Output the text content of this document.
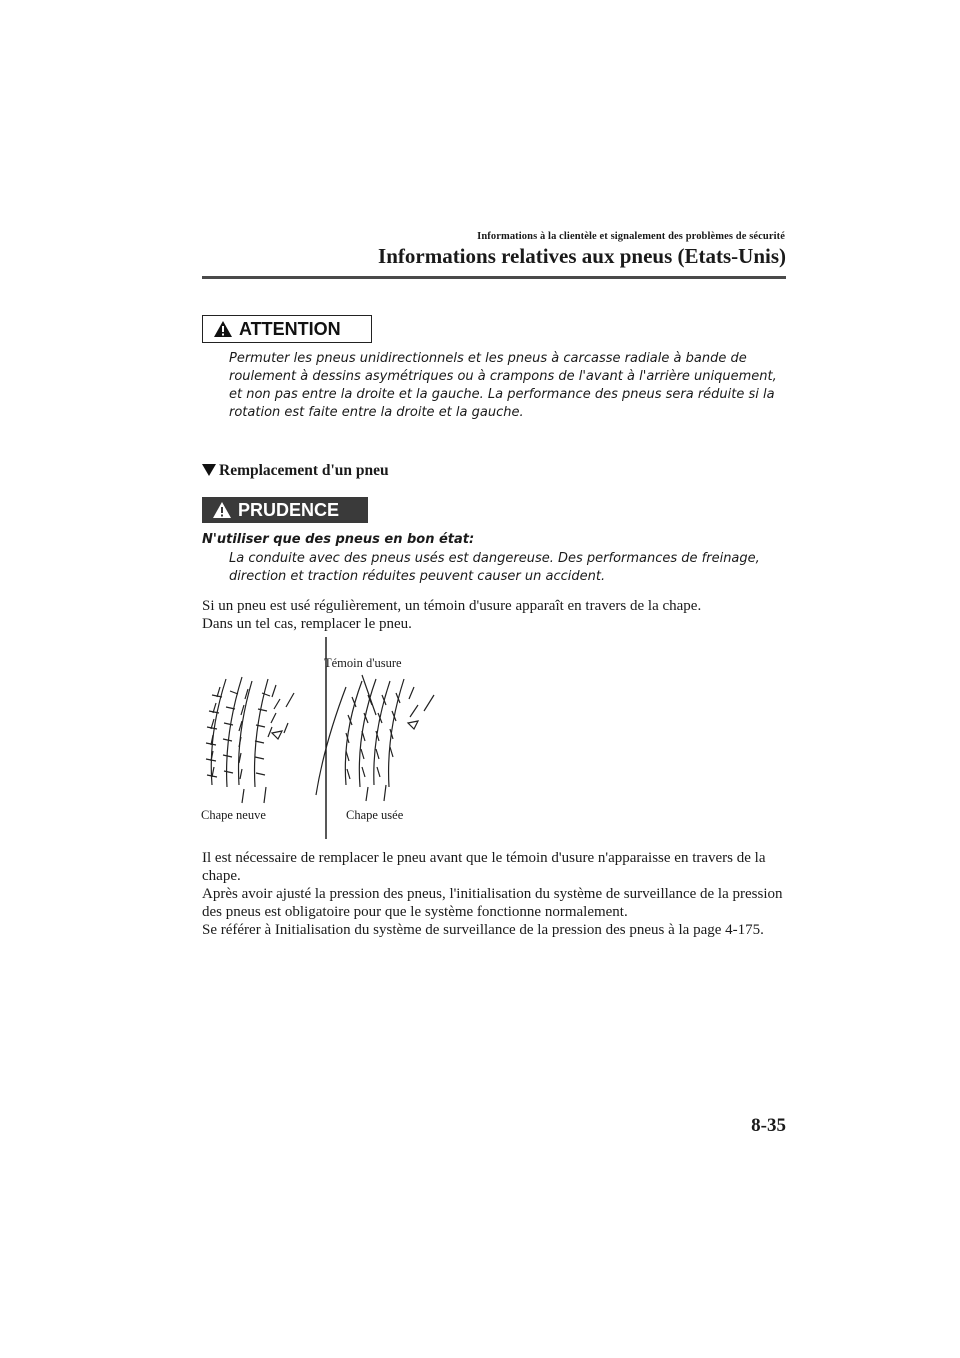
Informations à la clientèle et signalement des problèmes de sécurité
Informations relatives aux pneus (Etats-Unis)
ATTENTION
Permuter les pneus unidirectionnels et les pneus à carcasse radiale à bande de roulement à dessins asymétriques ou à crampons de l'avant à l'arrière uniquement, et non pas entre la droite et la gauche. La performance des pneus sera réduite si la rotation est faite entre la droite et la gauche.
Remplacement d'un pneu
PRUDENCE
N'utiliser que des pneus en bon état:
La conduite avec des pneus usés est dangereuse. Des performances de freinage, direction et traction réduites peuvent causer un accident.
Si un pneu est usé régulièrement, un témoin d'usure apparaît en travers de la chape.
Dans un tel cas, remplacer le pneu.
Témoin d'usure
Chape neuve	Chape usée
Il est nécessaire de remplacer le pneu avant que le témoin d'usure n'apparaisse en travers de la chape.
Après avoir ajusté la pression des pneus, l'initialisation du système de surveillance de la pression des pneus est obligatoire pour que le système fonctionne normalement.
Se référer à Initialisation du système de surveillance de la pression des pneus à la page 4-175.
8-35
